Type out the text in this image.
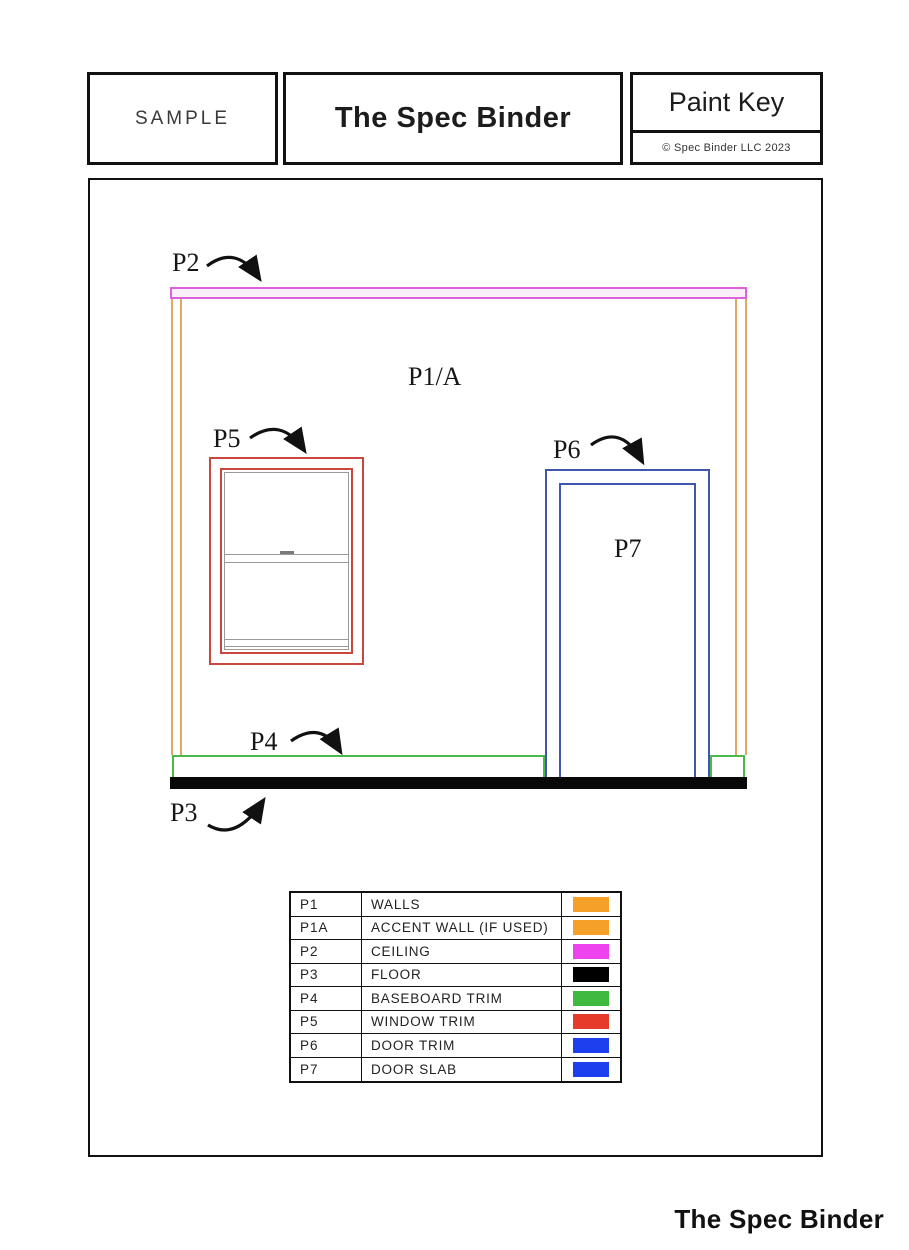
SAMPLE	The Spec Binder	Paint Key
© Spec Binder LLC 2023
P2
P1/A
P5	P6
P7
P4
P3
P1	WALLS
P1A	ACCENT WALL (IF USED)
P2	CEILING
P3	FLOOR
P4	BASEBOARD TRIM
P5	WINDOW TRIM
P6	DOOR TRIM
P7	DOOR SLAB
The Spec Binder
